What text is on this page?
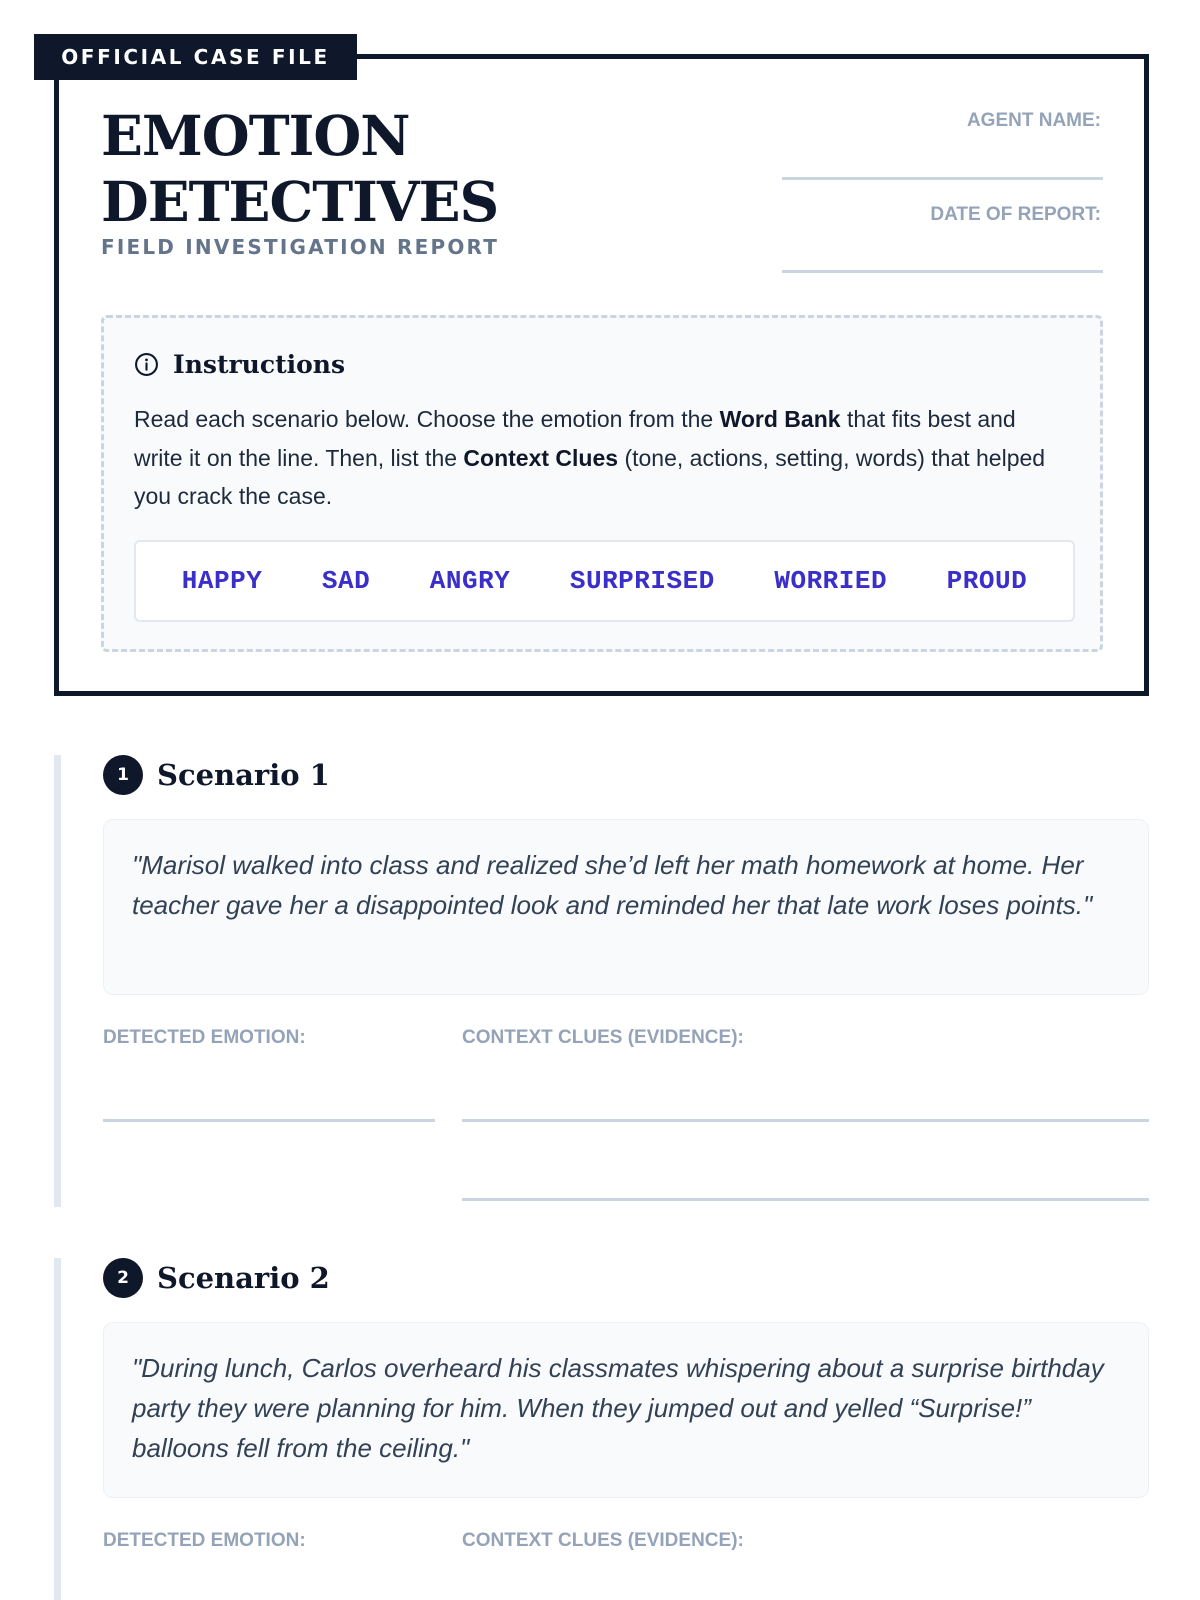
OFFICIAL CASE FILE
EMOTION
DETECTIVES
FIELD INVESTIGATION REPORT
AGENT NAME:
DATE OF REPORT:
Instructions

Read each scenario below. Choose the emotion from the Word Bank that fits best and write it on the line. Then, list the Context Clues (tone, actions, setting, words) that helped you crack the case.

HAPPY SAD ANGRY SURPRISED WORRIED PROUD
1 Scenario 1

"Marisol walked into class and realized she’d left her math homework at home. Her teacher gave her a disappointed look and reminded her that late work loses points."

DETECTED EMOTION:	CONTEXT CLUES (EVIDENCE):
2 Scenario 2

"During lunch, Carlos overheard his classmates whispering about a surprise birthday party they were planning for him. When they jumped out and yelled “Surprise!” balloons fell from the ceiling."

DETECTED EMOTION:	CONTEXT CLUES (EVIDENCE):
